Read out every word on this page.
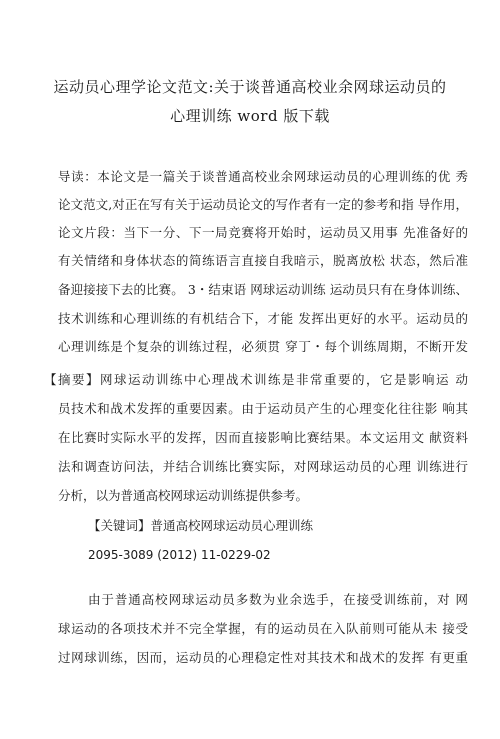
运动员心理学论文范文:关于谈普通高校业余网球运动员的
心理训练 word 版下载
导读：本论文是一篇关于谈普通高校业余网球运动员的心理训练的优 秀
论文范文,对正在写有关于运动员论文的写作者有一定的参考和指 导作用，
论文片段：当下一分、下一局竞赛将开始时，运动员又用事 先准备好的
有关情绪和身体状态的简练语言直接自我暗示，脱离放松 状态，然后准
备迎接接下去的比赛。 3・结束语 网球运动训练 运动员只有在身体训练、
技术训练和心理训练的有机结合下，才能 发挥出更好的水平。运动员的
心理训练是个复杂的训练过程，必须贯 穿丁・每个训练周期，不断开发
【摘要】网球运动训练中心理战术训练是非常重要的，它是影响运 动
员技术和战术发挥的重要因素。由于运动员产生的心理变化往往影 响其
在比赛时实际水平的发挥，因而直接影响比赛结果。本文运用文 献资料
法和调查访问法，并结合训练比赛实际，对网球运动员的心理 训练进行
分析，以为普通高校网球运动训练提供参考。
【关键词】普通高校网球运动员心理训练
2095-3089 (2012) 11-0229-02
由于普通高校网球运动员多数为业余选手，在接受训练前，对 网
球运动的各项技术并不完全掌握，有的运动员在入队前则可能从未 接受
过网球训练，因而，运动员的心理稳定性对其技术和战术的发挥 有更重
